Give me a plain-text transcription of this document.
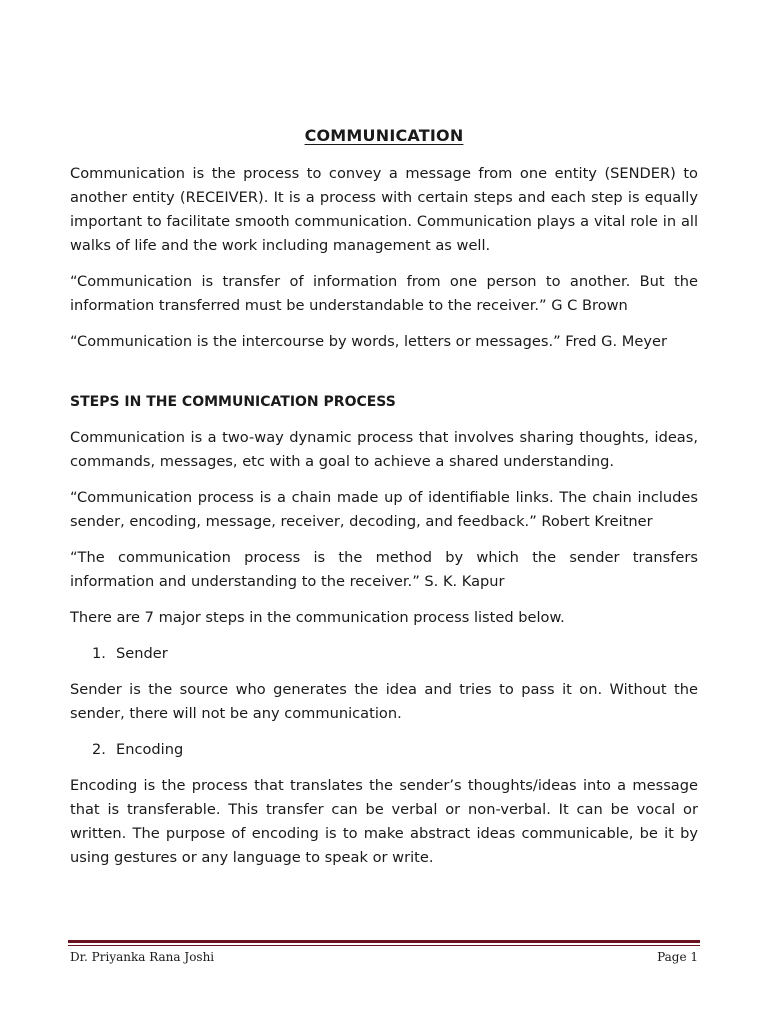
COMMUNICATION

Communication is the process to convey a message from one entity (SENDER) to another entity (RECEIVER). It is a process with certain steps and each step is equally important to facilitate smooth communication. Communication plays a vital role in all walks of life and the work including management as well.

“Communication is transfer of information from one person to another. But the information transferred must be understandable to the receiver.” G C Brown

“Communication is the intercourse by words, letters or messages.” Fred G. Meyer

STEPS IN THE COMMUNICATION PROCESS

Communication is a two-way dynamic process that involves sharing thoughts, ideas, commands, messages, etc with a goal to achieve a shared understanding.

“Communication process is a chain made up of identifiable links. The chain includes sender, encoding, message, receiver, decoding, and feedback.” Robert Kreitner

“The communication process is the method by which the sender transfers information and understanding to the receiver.” S. K. Kapur

There are 7 major steps in the communication process listed below.

1. Sender

Sender is the source who generates the idea and tries to pass it on. Without the sender, there will not be any communication.

2. Encoding

Encoding is the process that translates the sender’s thoughts/ideas into a message that is transferable. This transfer can be verbal or non-verbal. It can be vocal or written. The purpose of encoding is to make abstract ideas communicable, be it by using gestures or any language to speak or write.

Dr. Priyanka Rana Joshi	Page 1
